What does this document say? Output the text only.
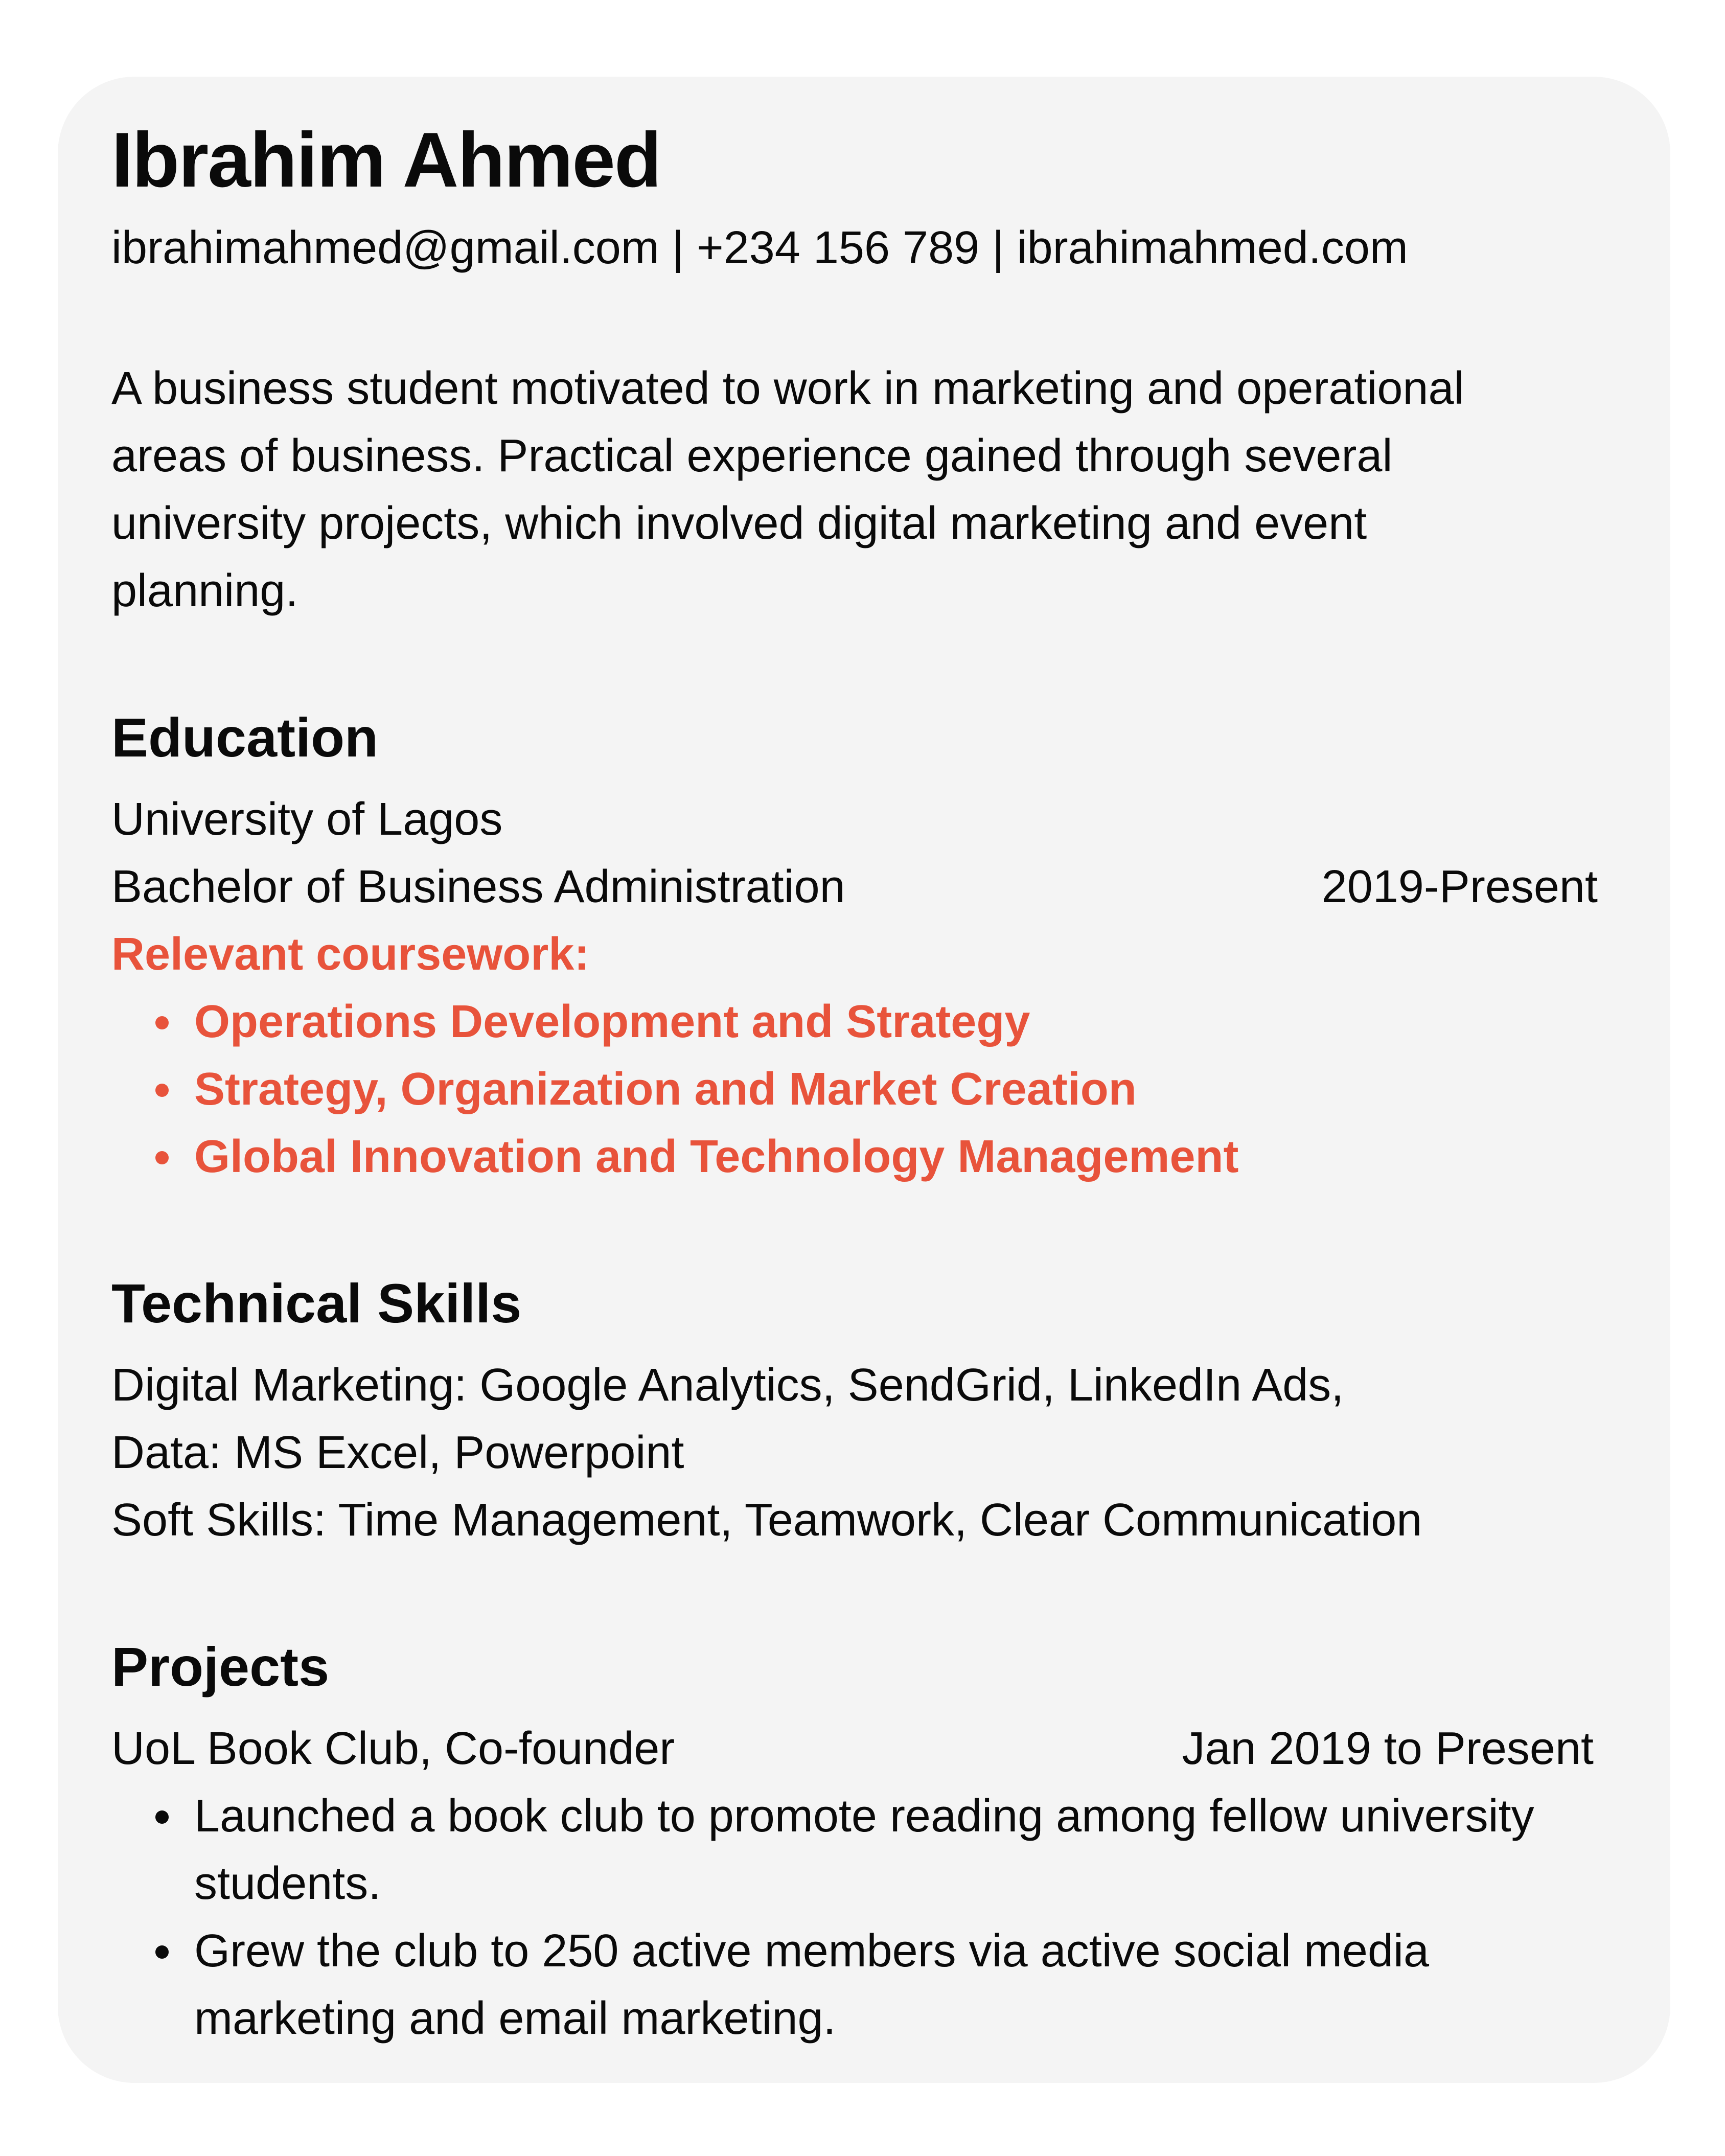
Ibrahim Ahmed
ibrahimahmed@gmail.com | +234 156 789 | ibrahimahmed.com
A business student motivated to work in marketing and operational areas of business. Practical experience gained through several university projects, which involved digital marketing and event planning.
Education
University of Lagos
Bachelor of Business Administration	2019-Present
Relevant coursework:
Operations Development and Strategy
Strategy, Organization and Market Creation
Global Innovation and Technology Management
Technical Skills
Digital Marketing: Google Analytics, SendGrid, LinkedIn Ads,
Data: MS Excel, Powerpoint
Soft Skills: Time Management, Teamwork, Clear Communication
Projects
UoL Book Club, Co-founder	Jan 2019 to Present
Launched a book club to promote reading among fellow university students.
Grew the club to 250 active members via active social media marketing and email marketing.
